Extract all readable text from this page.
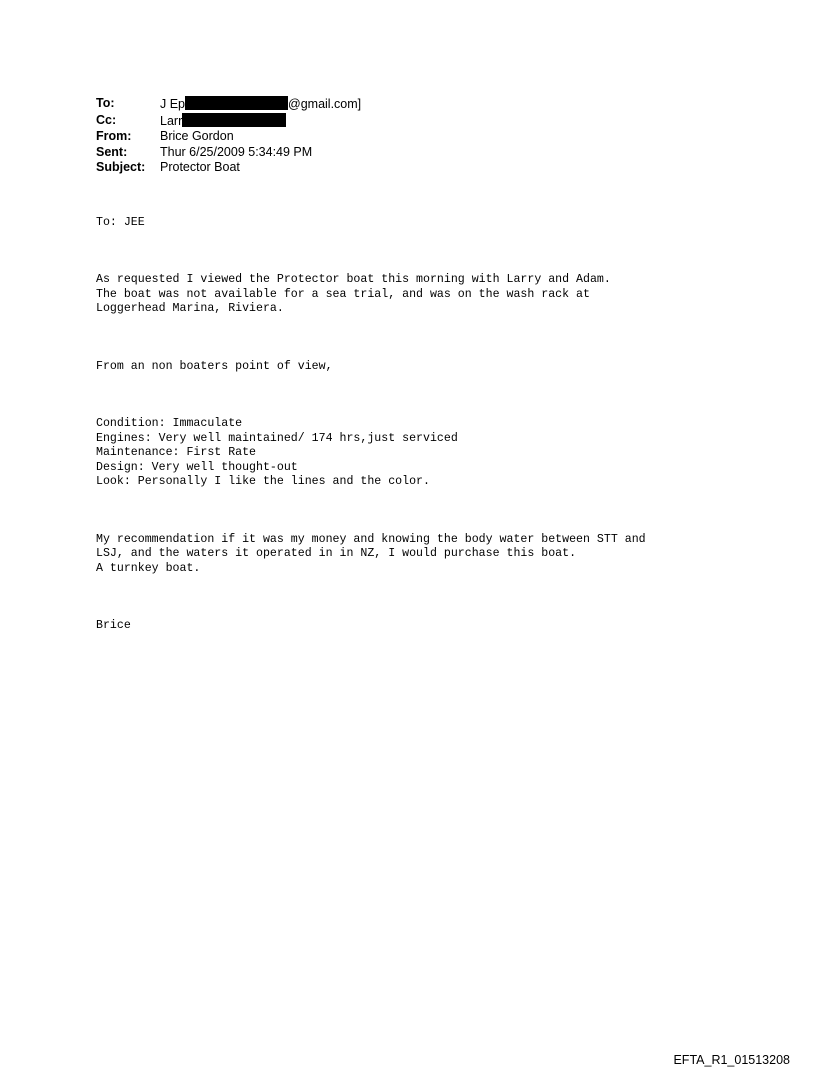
To:	J Ep	@gmail.com]
Cc:	Larr
From:	Brice Gordon
Sent:	Thur 6/25/2009 5:34:49 PM
Subject:	Protector Boat

To: JEE

As requested I viewed the Protector boat this morning with Larry and Adam.
The boat was not available for a sea trial, and was on the wash rack at
Loggerhead Marina, Riviera.

From an non boaters point of view,

Condition: Immaculate
Engines: Very well maintained/ 174 hrs,just serviced
Maintenance: First Rate
Design: Very well thought-out
Look: Personally I like the lines and the color.

My recommendation if it was my money and knowing the body water between STT and
LSJ, and the waters it operated in in NZ, I would purchase this boat.
A turnkey boat.

Brice

EFTA_R1_01513208
